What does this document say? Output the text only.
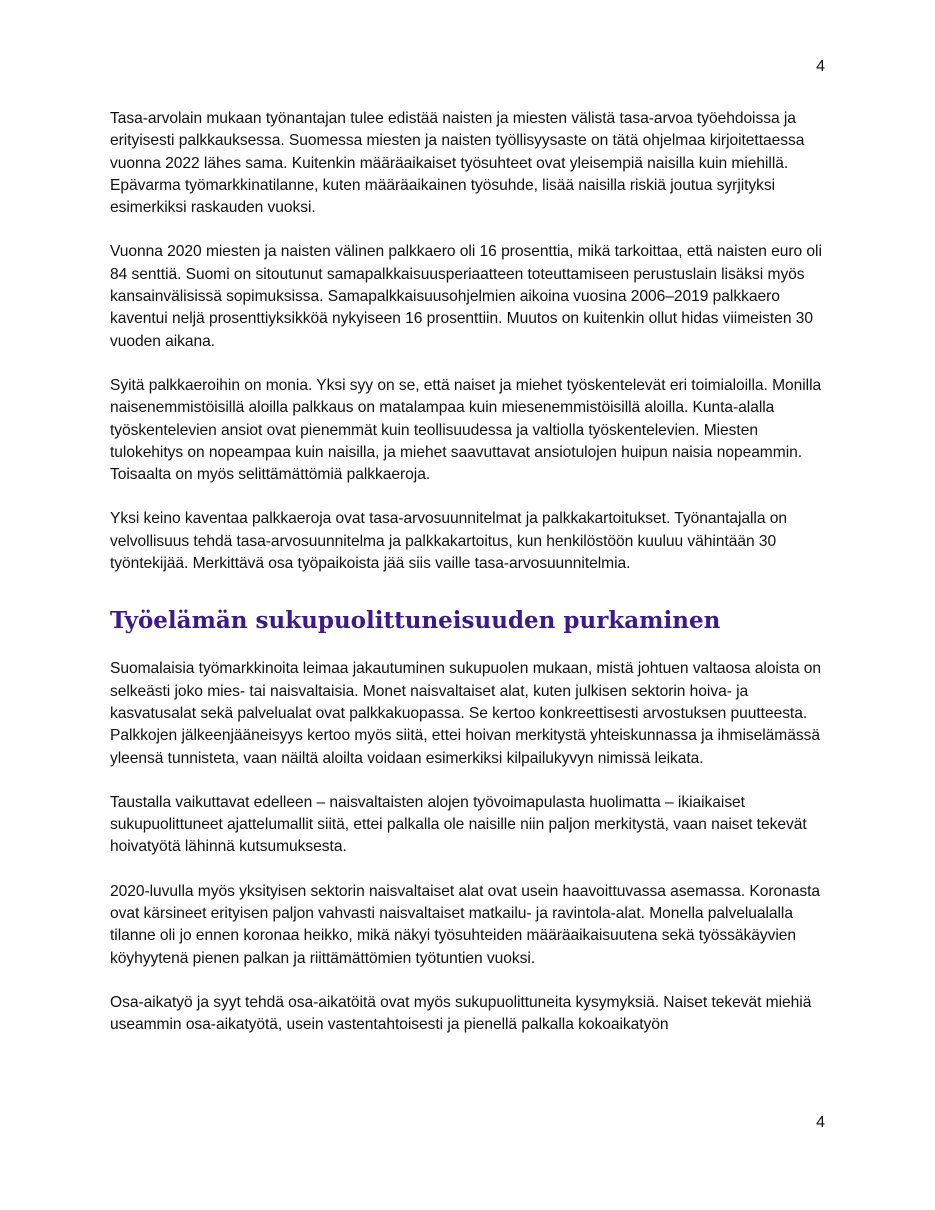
4

Tasa-arvolain mukaan työnantajan tulee edistää naisten ja miesten välistä tasa-arvoa työehdoissa ja erityisesti palkkauksessa. Suomessa miesten ja naisten työllisyysaste on tätä ohjelmaa kirjoitettaessa vuonna 2022 lähes sama. Kuitenkin määräaikaiset työsuhteet ovat yleisempiä naisilla kuin miehillä. Epävarma työmarkkinatilanne, kuten määräaikainen työsuhde, lisää naisilla riskiä joutua syrjityksi esimerkiksi raskauden vuoksi.

Vuonna 2020 miesten ja naisten välinen palkkaero oli 16 prosenttia, mikä tarkoittaa, että naisten euro oli 84 senttiä. Suomi on sitoutunut samapalkkaisuusperiaatteen toteuttamiseen perustuslain lisäksi myös kansainvälisissä sopimuksissa. Samapalkkaisuusohjelmien aikoina vuosina 2006–2019 palkkaero kaventui neljä prosenttiyksikköä nykyiseen 16 prosenttiin. Muutos on kuitenkin ollut hidas viimeisten 30 vuoden aikana.

Syitä palkkaeroihin on monia. Yksi syy on se, että naiset ja miehet työskentelevät eri toimialoilla. Monilla naisenemmistöisillä aloilla palkkaus on matalampaa kuin miesenemmistöisillä aloilla. Kunta-alalla työskentelevien ansiot ovat pienemmät kuin teollisuudessa ja valtiolla työskentelevien. Miesten tulokehitys on nopeampaa kuin naisilla, ja miehet saavuttavat ansiotulojen huipun naisia nopeammin. Toisaalta on myös selittämättömiä palkkaeroja.

Yksi keino kaventaa palkkaeroja ovat tasa-arvosuunnitelmat ja palkkakartoitukset. Työnantajalla on velvollisuus tehdä tasa-arvosuunnitelma ja palkkakartoitus, kun henkilöstöön kuuluu vähintään 30 työntekijää. Merkittävä osa työpaikoista jää siis vaille tasa-arvosuunnitelmia.

Työelämän sukupuolittuneisuuden purkaminen

Suomalaisia työmarkkinoita leimaa jakautuminen sukupuolen mukaan, mistä johtuen valtaosa aloista on selkeästi joko mies- tai naisvaltaisia. Monet naisvaltaiset alat, kuten julkisen sektorin hoiva- ja kasvatusalat sekä palvelualat ovat palkkakuopassa. Se kertoo konkreettisesti arvostuksen puutteesta. Palkkojen jälkeenjääneisyys kertoo myös siitä, ettei hoivan merkitystä yhteiskunnassa ja ihmiselämässä yleensä tunnisteta, vaan näiltä aloilta voidaan esimerkiksi kilpailukyvyn nimissä leikata.

Taustalla vaikuttavat edelleen – naisvaltaisten alojen työvoimapulasta huolimatta – ikiaikaiset sukupuolittuneet ajattelumallit siitä, ettei palkalla ole naisille niin paljon merkitystä, vaan naiset tekevät hoivatyötä lähinnä kutsumuksesta.

2020-luvulla myös yksityisen sektorin naisvaltaiset alat ovat usein haavoittuvassa asemassa. Koronasta ovat kärsineet erityisen paljon vahvasti naisvaltaiset matkailu- ja ravintola-alat. Monella palvelualalla tilanne oli jo ennen koronaa heikko, mikä näkyi työsuhteiden määräaikaisuutena sekä työssäkäyvien köyhyytenä pienen palkan ja riittämättömien työtuntien vuoksi.

Osa-aikatyö ja syyt tehdä osa-aikatöitä ovat myös sukupuolittuneita kysymyksiä. Naiset tekevät miehiä useammin osa-aikatyötä, usein vastentahtoisesti ja pienellä palkalla kokoaikatyön

4
